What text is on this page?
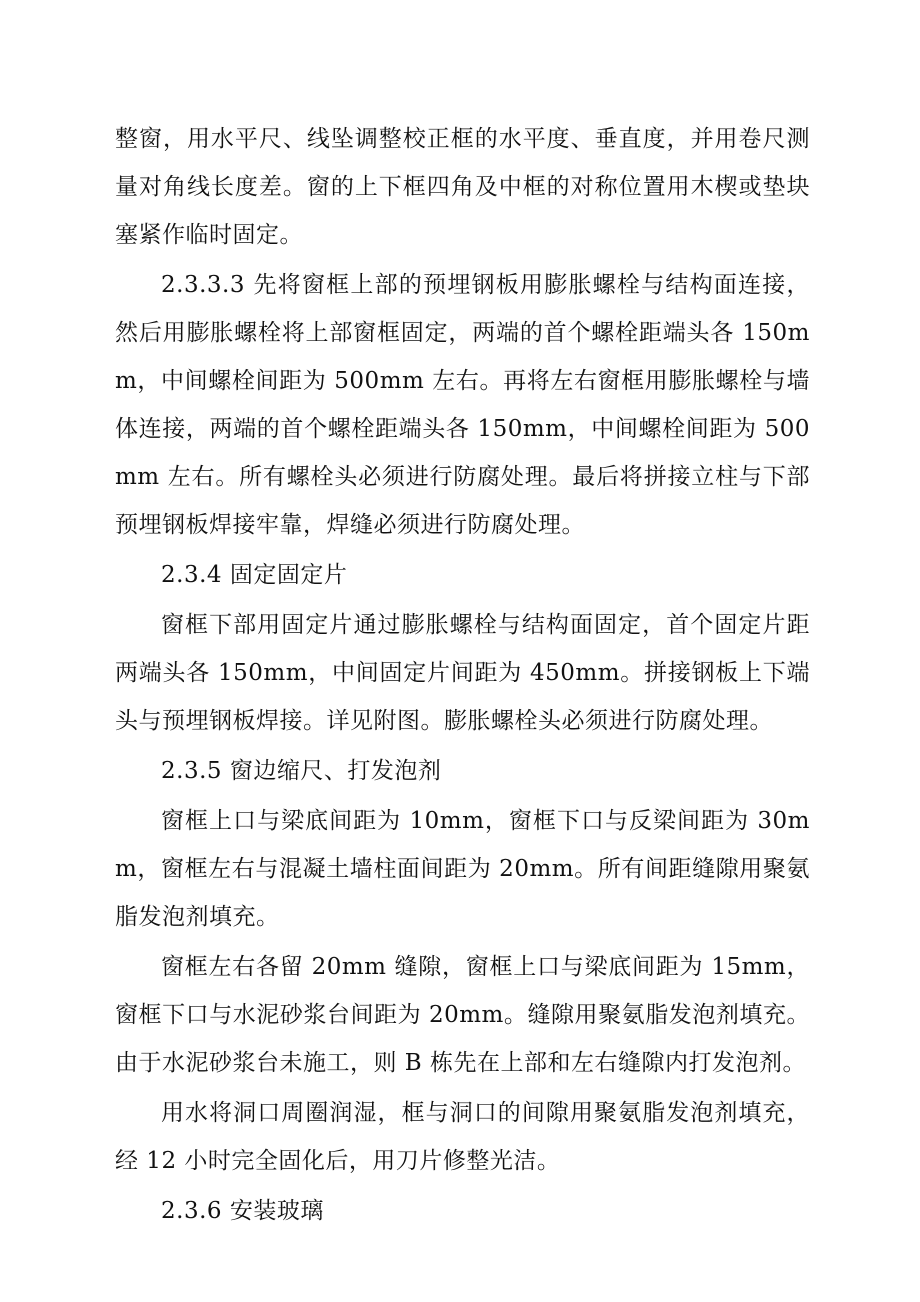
整窗，用水平尺、线坠调整校正框的水平度、垂直度，并用卷尺测量对角线长度差。窗的上下框四角及中框的对称位置用木楔或垫块塞紧作临时固定。

2.3.3.3 先将窗框上部的预埋钢板用膨胀螺栓与结构面连接，然后用膨胀螺栓将上部窗框固定，两端的首个螺栓距端头各 150mm，中间螺栓间距为 500mm 左右。再将左右窗框用膨胀螺栓与墙体连接，两端的首个螺栓距端头各 150mm，中间螺栓间距为 500mm 左右。所有螺栓头必须进行防腐处理。最后将拼接立柱与下部预埋钢板焊接牢靠，焊缝必须进行防腐处理。

2.3.4 固定固定片

窗框下部用固定片通过膨胀螺栓与结构面固定，首个固定片距两端头各 150mm，中间固定片间距为 450mm。拼接钢板上下端头与预埋钢板焊接。详见附图。膨胀螺栓头必须进行防腐处理。

2.3.5 窗边缩尺、打发泡剂

窗框上口与梁底间距为 10mm，窗框下口与反梁间距为 30mm，窗框左右与混凝土墙柱面间距为 20mm。所有间距缝隙用聚氨脂发泡剂填充。

窗框左右各留 20mm 缝隙，窗框上口与梁底间距为 15mm，窗框下口与水泥砂浆台间距为 20mm。缝隙用聚氨脂发泡剂填充。由于水泥砂浆台未施工，则 B 栋先在上部和左右缝隙内打发泡剂。

用水将洞口周圈润湿，框与洞口的间隙用聚氨脂发泡剂填充，经 12 小时完全固化后，用刀片修整光洁。

2.3.6 安装玻璃
